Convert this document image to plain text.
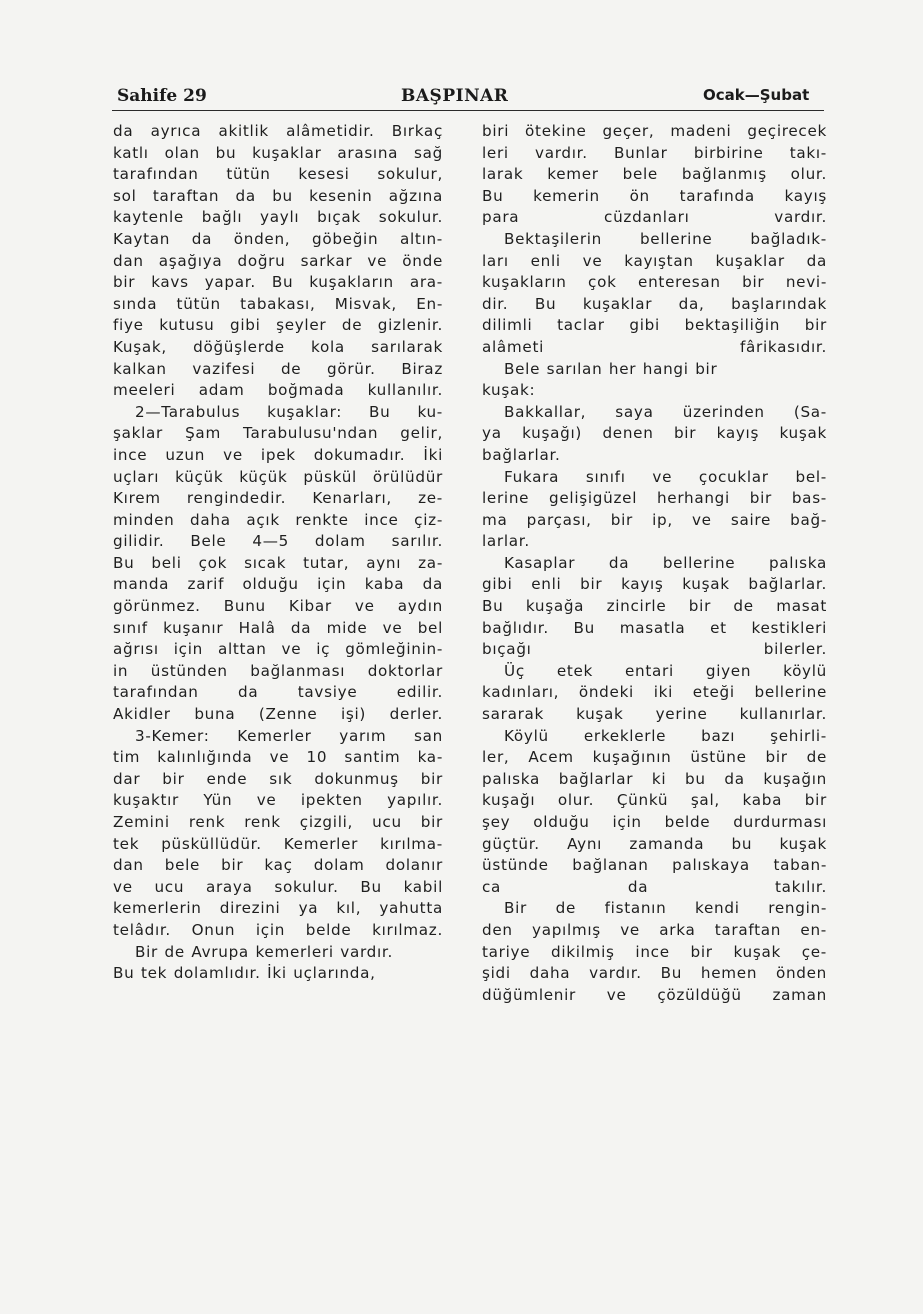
Sahife 29	BAŞPINAR	Ocak—Şubat

da ayrıca akitlik alâmetidir. Bırkaç
katlı olan bu kuşaklar arasına sağ
tarafından tütün kesesi sokulur,
sol taraftan da bu kesenin ağzına
kaytenle bağlı yaylı bıçak sokulur.
Kaytan da önden, göbeğin altın-
dan aşağıya doğru sarkar ve önde
bir kavs yapar. Bu kuşakların ara-
sında tütün tabakası, Misvak, En-
fiye kutusu gibi şeyler de gizlenir.
Kuşak, döğüşlerde kola sarılarak
kalkan vazifesi de görür. Biraz
meeleri adam boğmada kullanılır.

2—Tarabulus kuşaklar: Bu ku-
şaklar Şam Tarabulusu'ndan gelir,
ince uzun ve ipek dokumadır. İki
uçları küçük küçük püskül örülüdür
Kırem rengindedir. Kenarları, ze-
minden daha açık renkte ince çiz-
gilidir. Bele 4—5 dolam sarılır.
Bu beli çok sıcak tutar, aynı za-
manda zarif olduğu için kaba da
görünmez. Bunu Kibar ve aydın
sınıf kuşanır Halâ da mide ve bel
ağrısı için alttan ve iç gömleğinin-
in üstünden bağlanması doktorlar
tarafından da tavsiye edilir.
Akidler buna (Zenne işi) derler.

3-Kemer: Kemerler yarım san
tim kalınlığında ve 10 santim ka-
dar bir ende sık dokunmuş bir
kuşaktır Yün ve ipekten yapılır.
Zemini renk renk çizgili, ucu bir
tek püsküllüdür. Kemerler kırılma-
dan bele bir kaç dolam dolanır
ve ucu araya sokulur. Bu kabil
kemerlerin direzini ya kıl, yahutta
telâdır. Onun için belde kırılmaz.

Bir de Avrupa kemerleri vardır.
Bu tek dolamlıdır. İki uçlarında,

biri ötekine geçer, madeni geçirecek
leri vardır. Bunlar birbirine takı-
larak kemer bele bağlanmış olur.
Bu kemerin ön tarafında kayış
para cüzdanları vardır.

Bektaşilerin bellerine bağladık-
ları enli ve kayıştan kuşaklar da
kuşakların çok enteresan bir nevi-
dir. Bu kuşaklar da, başlarındak
dilimli taclar gibi bektaşiliğin bir
alâmeti fârikasıdır.

Bele sarılan her hangi bir
kuşak:

Bakkallar, saya üzerinden (Sa-
ya kuşağı) denen bir kayış kuşak
bağlarlar.

Fukara sınıfı ve çocuklar bel-
lerine gelişigüzel herhangi bir bas-
ma parçası, bir ip, ve saire bağ-
larlar.

Kasaplar da bellerine palıska
gibi enli bir kayış kuşak bağlarlar.
Bu kuşağa zincirle bir de masat
bağlıdır. Bu masatla et kestikleri
bıçağı bilerler.

Üç etek entari giyen köylü
kadınları, öndeki iki eteği bellerine
sararak kuşak yerine kullanırlar.

Köylü erkeklerle bazı şehirli-
ler, Acem kuşağının üstüne bir de
palıska bağlarlar ki bu da kuşağın
kuşağı olur. Çünkü şal, kaba bir
şey olduğu için belde durdurması
güçtür. Aynı zamanda bu kuşak
üstünde bağlanan palıskaya taban-
ca da takılır.

Bir de fistanın kendi rengin-
den yapılmış ve arka taraftan en-
tariye dikilmiş ince bir kuşak çe-
şidi daha vardır. Bu hemen önden
düğümlenir ve çözüldüğü zaman
